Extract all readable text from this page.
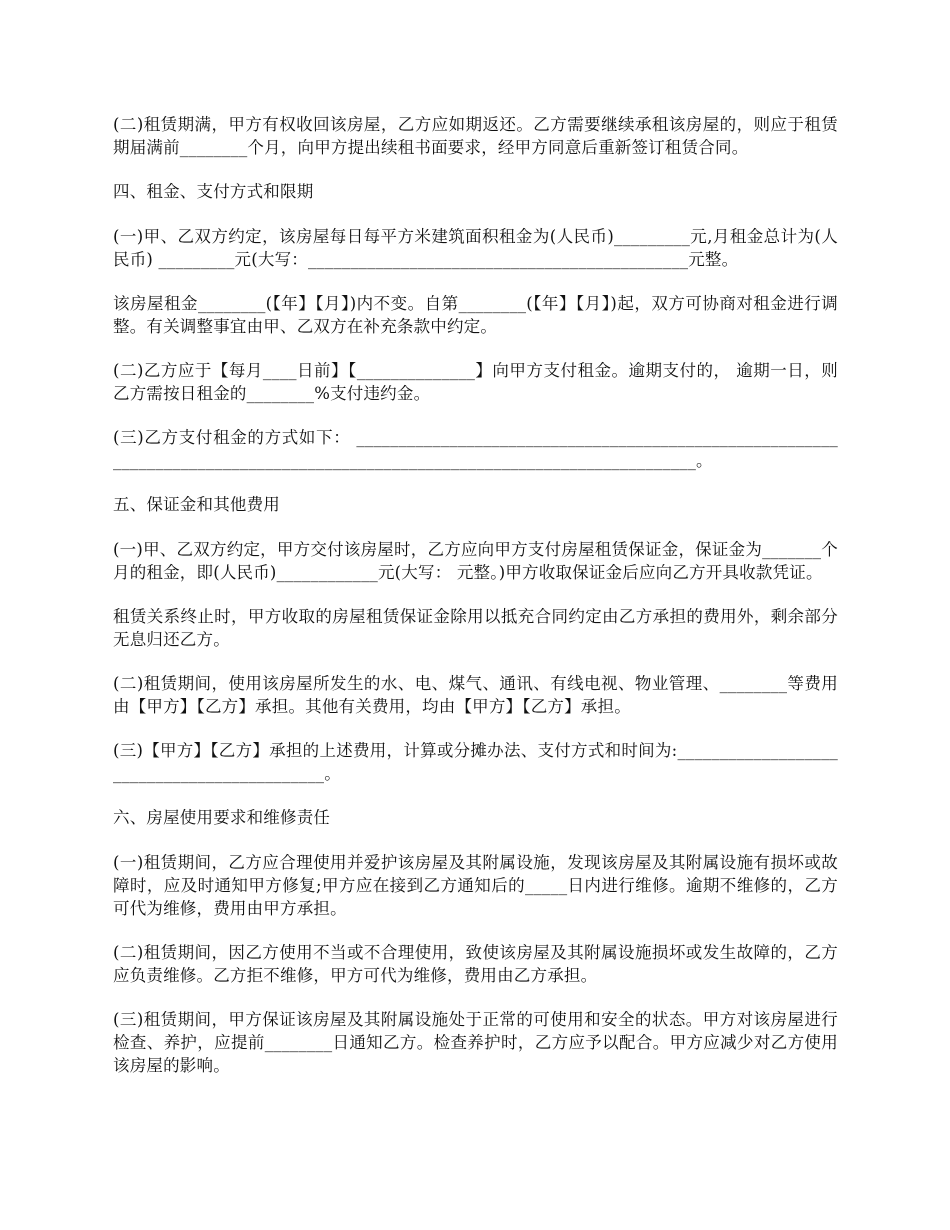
(二)租赁期满，甲方有权收回该房屋，乙方应如期返还。乙方需要继续承租该房屋的，则应于租赁期届满前________个月，向甲方提出续租书面要求，经甲方同意后重新签订租赁合同。

四、租金、支付方式和限期

(一)甲、乙双方约定，该房屋每日每平方米建筑面积租金为(人民币)_________元,月租金总计为(人民币) _________元(大写：_____________________________________________元整。

该房屋租金________(【年】【月】)内不变。自第________(【年】【月】)起，双方可协商对租金进行调整。有关调整事宜由甲、乙双方在补充条款中约定。

(二)乙方应于【每月____日前】【______________】向甲方支付租金。逾期支付的， 逾期一日，则乙方需按日租金的________%支付违约金。

(三)乙方支付租金的方式如下： ______________________________________________________________________________________________________________________________。

五、保证金和其他费用

(一)甲、乙双方约定，甲方交付该房屋时，乙方应向甲方支付房屋租赁保证金，保证金为_______个月的租金，即(人民币)____________元(大写： 元整。)甲方收取保证金后应向乙方开具收款凭证。

租赁关系终止时，甲方收取的房屋租赁保证金除用以抵充合同约定由乙方承担的费用外，剩余部分无息归还乙方。

(二)租赁期间，使用该房屋所发生的水、电、煤气、通讯、有线电视、物业管理、________等费用由【甲方】【乙方】承担。其他有关费用，均由【甲方】【乙方】承担。

(三)【甲方】【乙方】承担的上述费用，计算或分摊办法、支付方式和时间为:____________________________________________。

六、房屋使用要求和维修责任

(一)租赁期间，乙方应合理使用并爱护该房屋及其附属设施，发现该房屋及其附属设施有损坏或故障时，应及时通知甲方修复;甲方应在接到乙方通知后的_____日内进行维修。逾期不维修的，乙方可代为维修，费用由甲方承担。

(二)租赁期间，因乙方使用不当或不合理使用，致使该房屋及其附属设施损坏或发生故障的，乙方应负责维修。乙方拒不维修，甲方可代为维修，费用由乙方承担。

(三)租赁期间，甲方保证该房屋及其附属设施处于正常的可使用和安全的状态。甲方对该房屋进行检查、养护，应提前________日通知乙方。检查养护时，乙方应予以配合。甲方应减少对乙方使用该房屋的影响。
